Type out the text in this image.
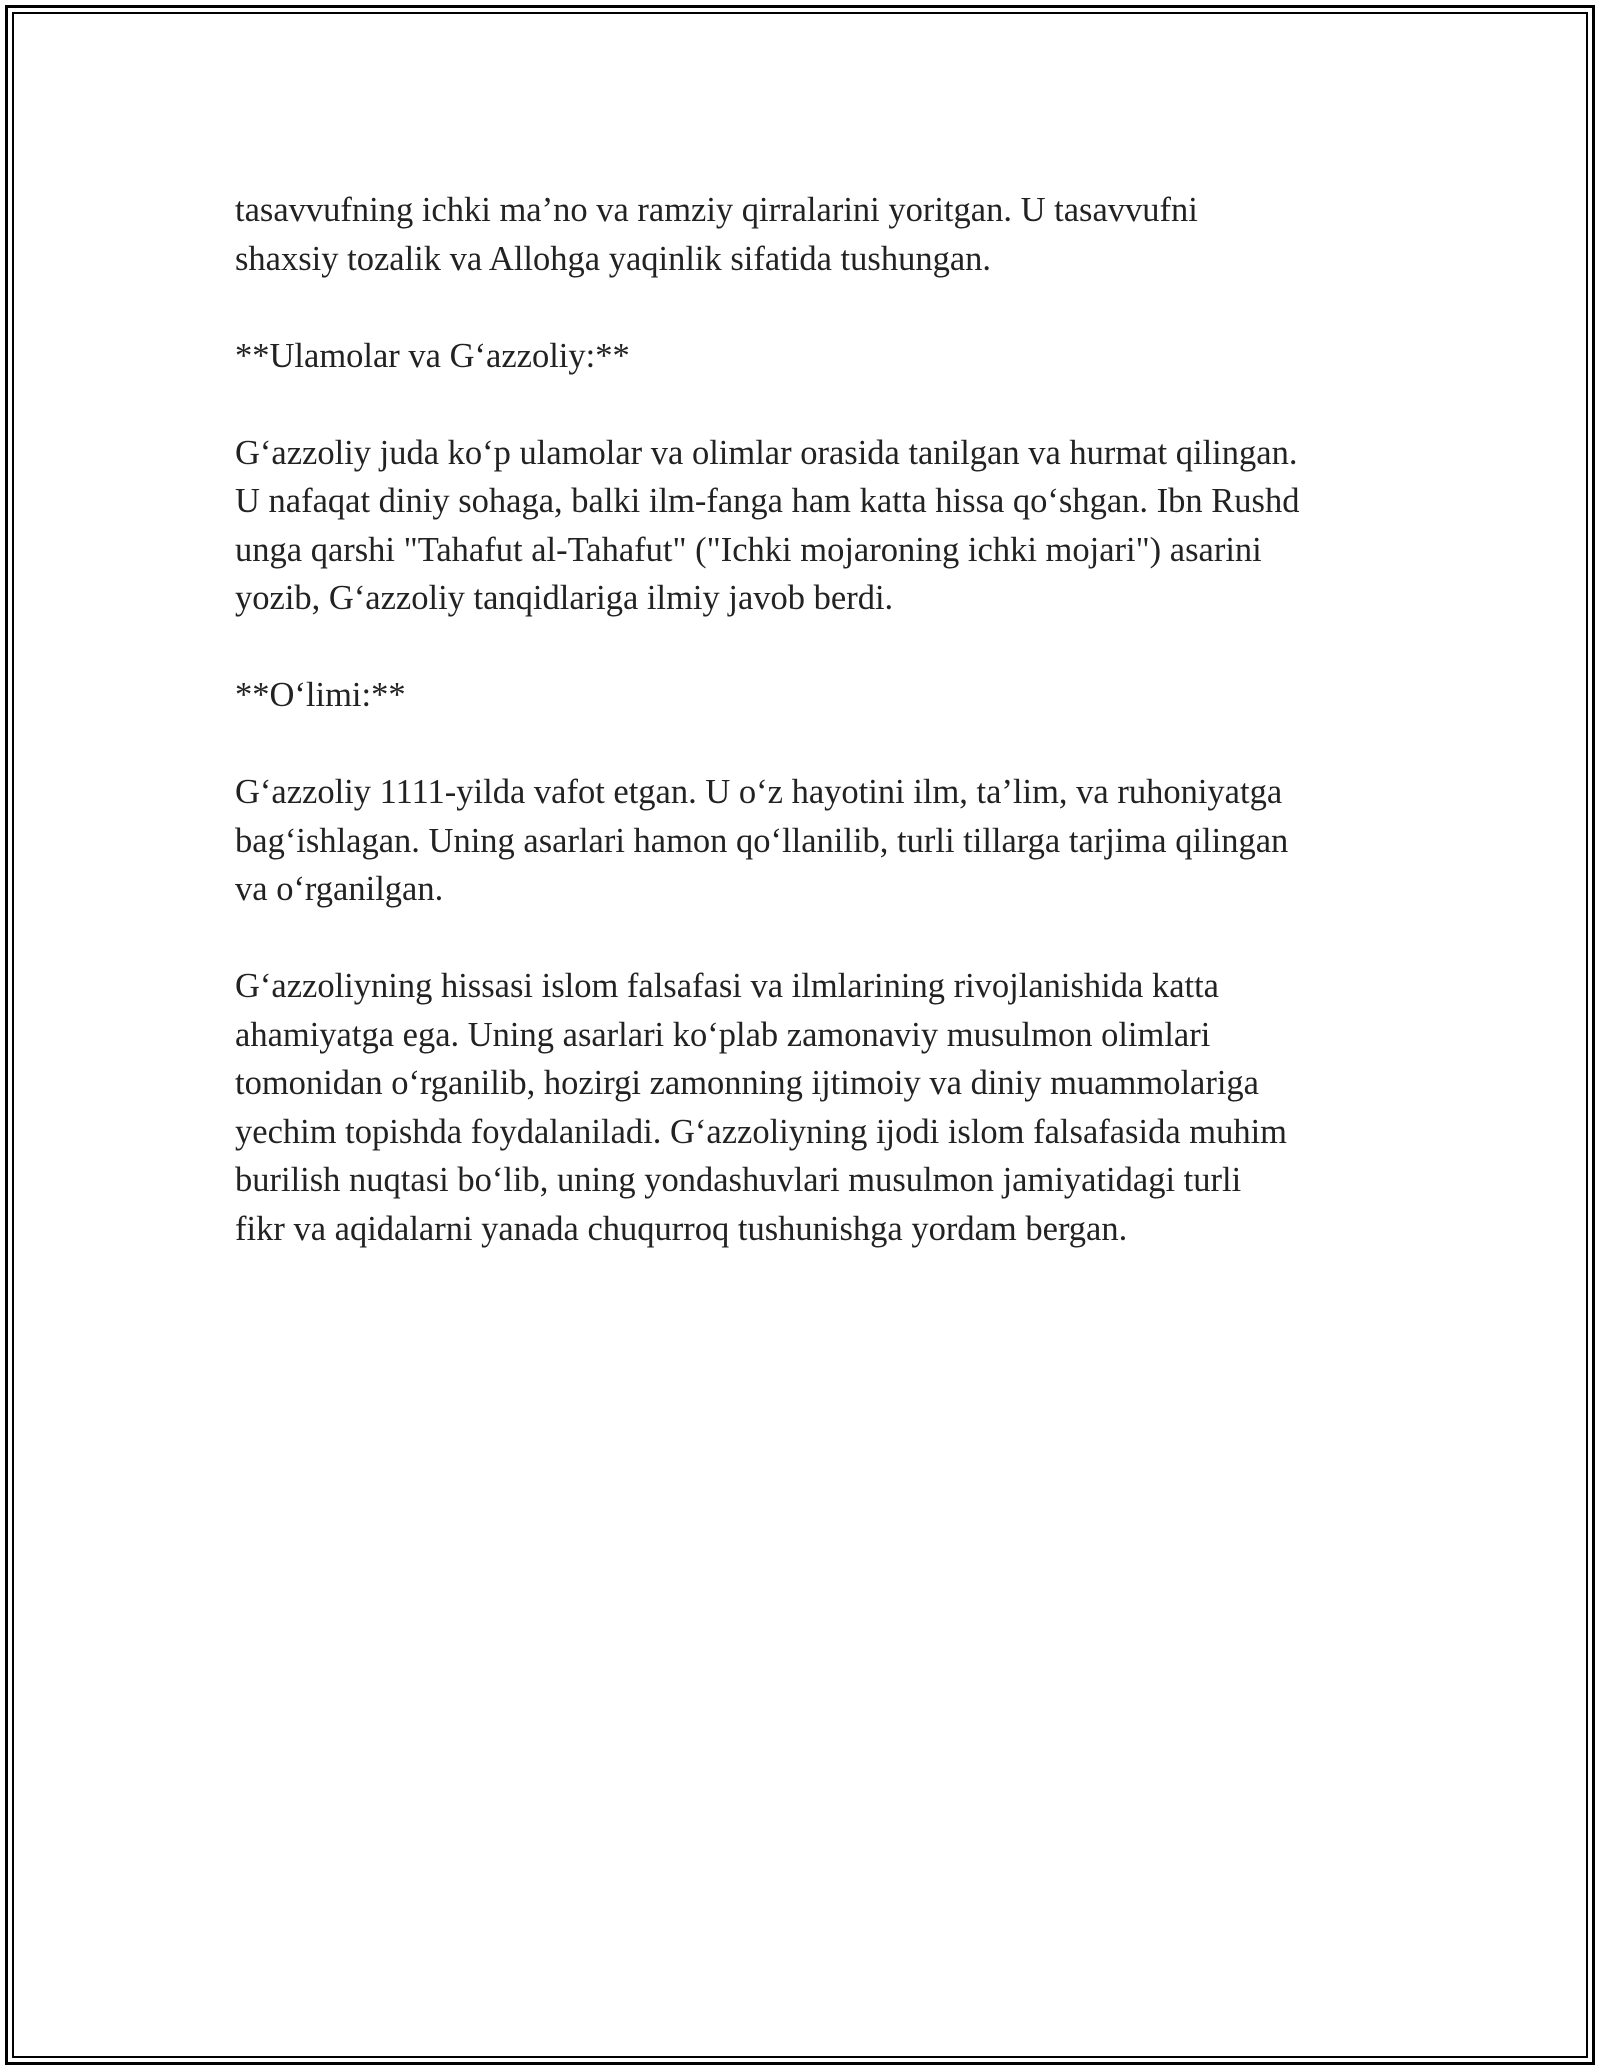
tasavvufning ichki ma’no va ramziy qirralarini yoritgan. U tasavvufni
shaxsiy tozalik va Allohga yaqinlik sifatida tushungan.

**Ulamolar va G‘azzoliy:**

G‘azzoliy juda ko‘p ulamolar va olimlar orasida tanilgan va hurmat qilingan.
U nafaqat diniy sohaga, balki ilm-fanga ham katta hissa qo‘shgan. Ibn Rushd
unga qarshi "Tahafut al-Tahafut" ("Ichki mojaroning ichki mojari") asarini
yozib, G‘azzoliy tanqidlariga ilmiy javob berdi.

**O‘limi:**

G‘azzoliy 1111-yilda vafot etgan. U o‘z hayotini ilm, ta’lim, va ruhoniyatga
bag‘ishlagan. Uning asarlari hamon qo‘llanilib, turli tillarga tarjima qilingan
va o‘rganilgan.

G‘azzoliyning hissasi islom falsafasi va ilmlarining rivojlanishida katta
ahamiyatga ega. Uning asarlari ko‘plab zamonaviy musulmon olimlari
tomonidan o‘rganilib, hozirgi zamonning ijtimoiy va diniy muammolariga
yechim topishda foydalaniladi. G‘azzoliyning ijodi islom falsafasida muhim
burilish nuqtasi bo‘lib, uning yondashuvlari musulmon jamiyatidagi turli
fikr va aqidalarni yanada chuqurroq tushunishga yordam bergan.
